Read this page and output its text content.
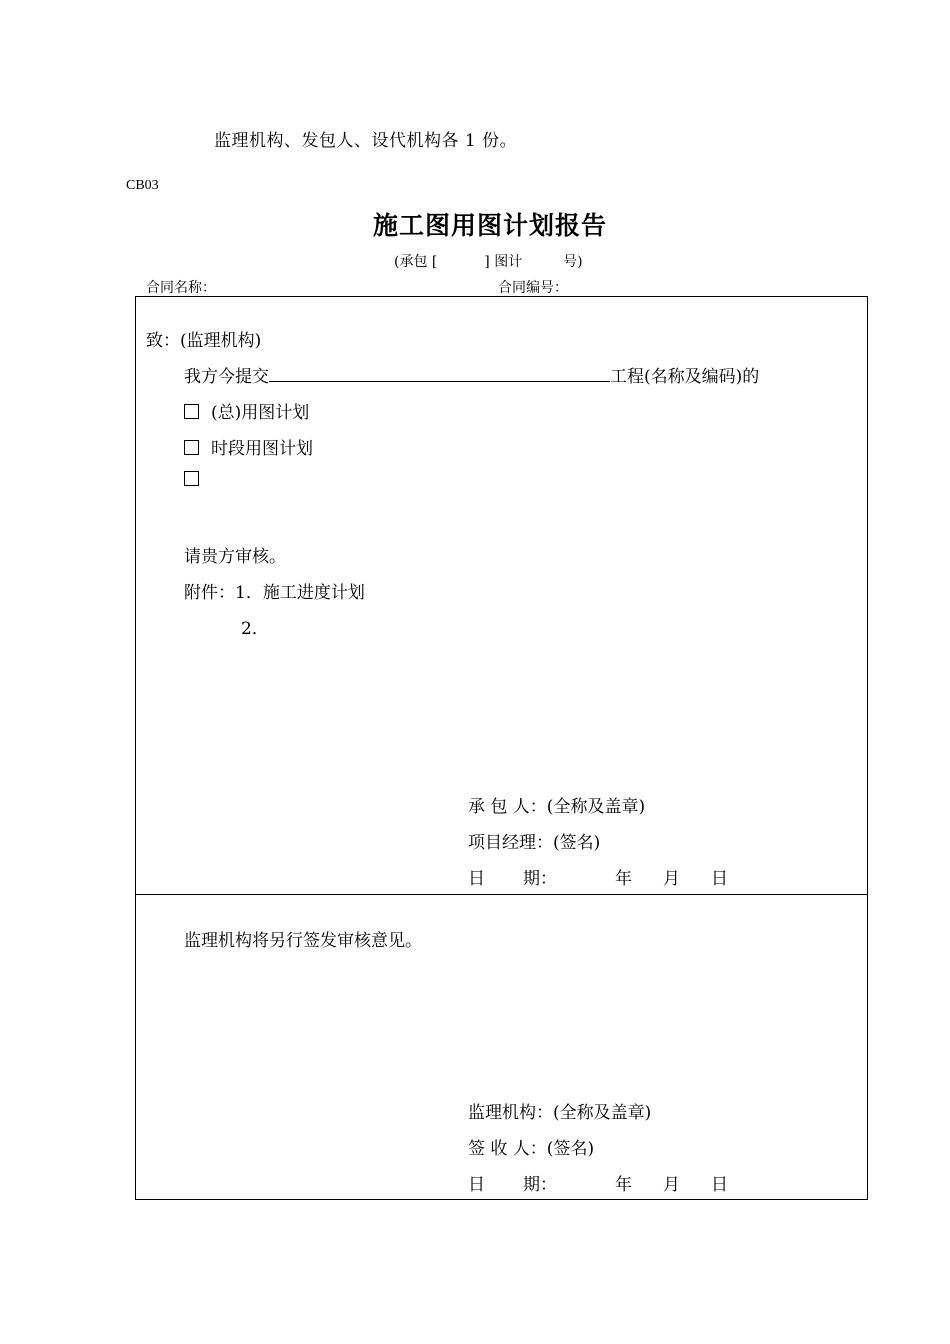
监理机构、发包人、设代机构各 1 份。
CB03
施工图用图计划报告
(承包 [	] 图计	号)
合同名称：	合同编号：
致：(监理机构)
我方今提交	工程(名称及编码)的
(总)用图计划
时段用图计划
请贵方审核。
附件：1．施工进度计划
2．
承 包 人：(全称及盖章)
项目经理：(签名)
日 期：	年 月 日
监理机构将另行签发审核意见。
监理机构：(全称及盖章)
签 收 人：(签名)
日 期：	年 月 日
